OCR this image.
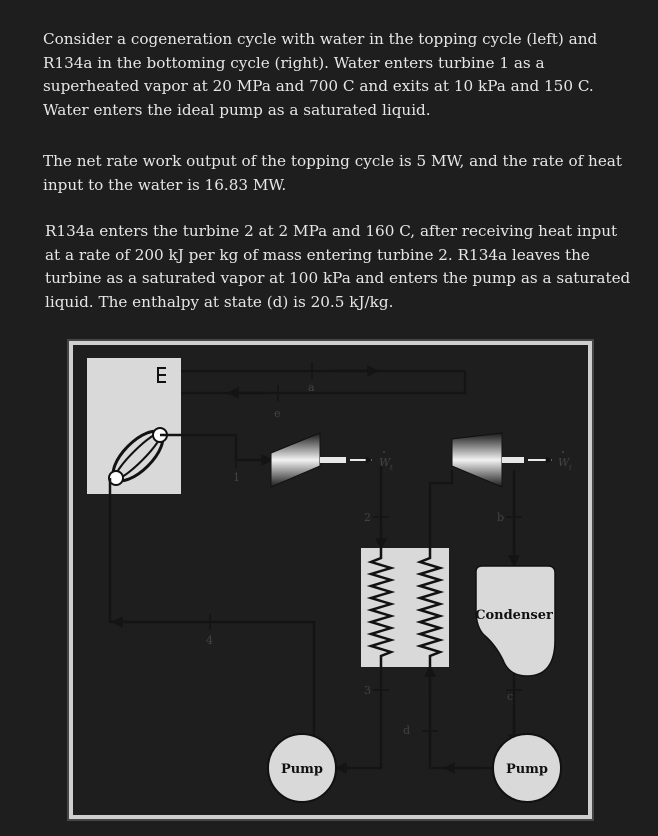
Consider a cogeneration cycle with water in the topping cycle (left) and R134a in the bottoming cycle (right). Water enters turbine 1 as a superheated vapor at 20 MPa and 700 C and exits at 10 kPa and 150 C. Water enters the ideal pump as a saturated liquid.

The net rate work output of the topping cycle is 5 MW, and the rate of heat input to the water is 16.83 MW.

R134a enters the turbine 2 at 2 MPa and 160 C, after receiving heat input at a rate of 200 kJ per kg of mass entering turbine 2. R134a leaves the turbine as a saturated vapor at 100 kPa and enters the pump as a saturated liquid. The enthalpy at state (d) is 20.5 kJ/kg.

a
e
1
2
3
4
b
c
d
W t	W t
Condenser
Pump	Pump
